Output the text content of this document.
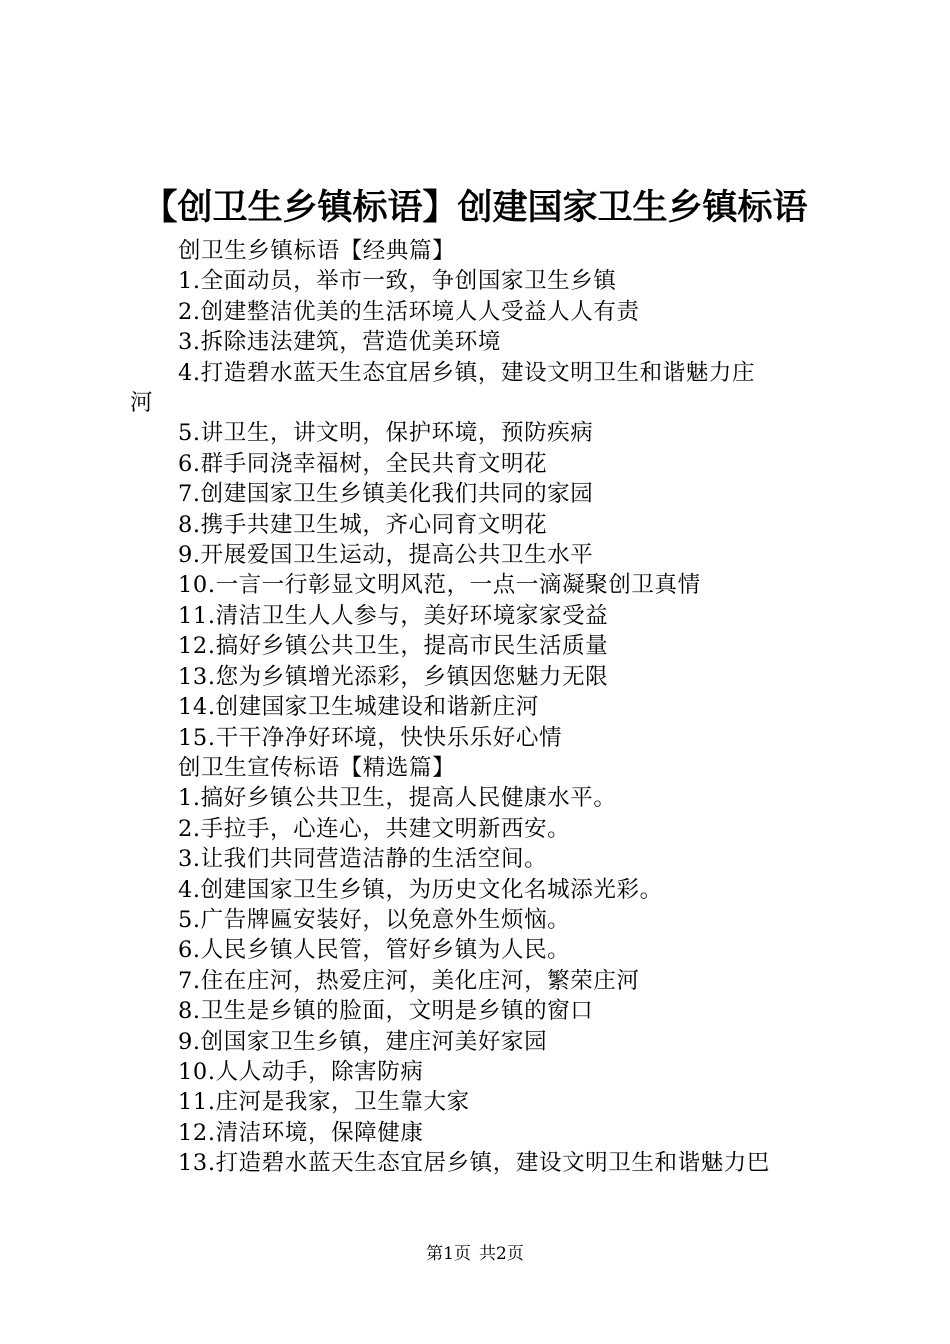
【创卫生乡镇标语】创建国家卫生乡镇标语
创卫生乡镇标语【经典篇】
1.全面动员，举市一致，争创国家卫生乡镇
2.创建整洁优美的生活环境人人受益人人有责
3.拆除违法建筑，营造优美环境
4.打造碧水蓝天生态宜居乡镇，建设文明卫生和谐魅力庄
河
5.讲卫生，讲文明，保护环境，预防疾病
6.群手同浇幸福树，全民共育文明花
7.创建国家卫生乡镇美化我们共同的家园
8.携手共建卫生城，齐心同育文明花
9.开展爱国卫生运动，提高公共卫生水平
10.一言一行彰显文明风范，一点一滴凝聚创卫真情
11.清洁卫生人人参与，美好环境家家受益
12.搞好乡镇公共卫生，提高市民生活质量
13.您为乡镇增光添彩，乡镇因您魅力无限
14.创建国家卫生城建设和谐新庄河
15.干干净净好环境，快快乐乐好心情
创卫生宣传标语【精选篇】
1.搞好乡镇公共卫生，提高人民健康水平。
2.手拉手，心连心，共建文明新西安。
3.让我们共同营造洁静的生活空间。
4.创建国家卫生乡镇，为历史文化名城添光彩。
5.广告牌匾安装好，以免意外生烦恼。
6.人民乡镇人民管，管好乡镇为人民。
7.住在庄河，热爱庄河，美化庄河，繁荣庄河
8.卫生是乡镇的脸面，文明是乡镇的窗口
9.创国家卫生乡镇，建庄河美好家园
10.人人动手，除害防病
11.庄河是我家，卫生靠大家
12.清洁环境，保障健康
13.打造碧水蓝天生态宜居乡镇，建设文明卫生和谐魅力巴
第1页 共2页
